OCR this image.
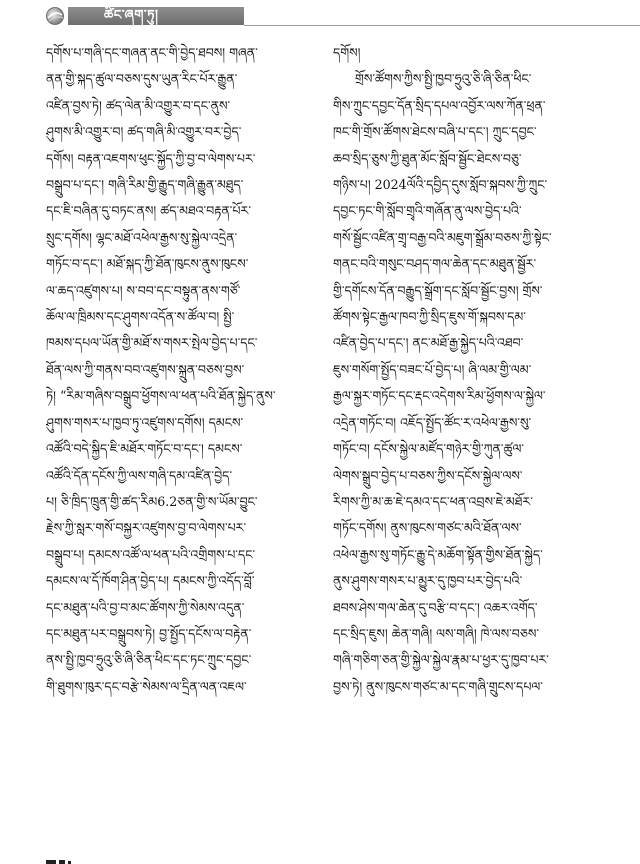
ཚིང་ཞག་ཏུ།
དགོས་པ་གཞི་དང་གཞན་ནང་གི་བྱེད་ཐབས། གཞན་
ནན་གྱི་སྐད་ཚུལ་བཅས་དུས་ཡུན་རིང་པོར་རྒྱུན་
འཛིན་བྱས་ཏེ། ཚད་ལེན་མི་འགྱུར་བ་དང་ནུས་
ཤུགས་མི་འགྱུར་བ། ཚད་གཞི་མི་འགྱུར་བར་བྱེད་
དགོས། བརྟན་འཇགས་ཕུང་སྐྱོད་ཀྱི་བྱ་བ་ལེགས་པར་
བསྒྲུབ་པ་དང་། གཞི་རིམ་གྱི་རྒྱུད་གཞི་རྒྱུན་མཐུད་
དང་ཇི་བཞིན་དུ་བཏང་ནས། ཚད་མཐའ་བརྟན་པོར་
སྲུང་དགོས། ལྷང་མཐོ་འཕེལ་རྒྱས་སུ་སྐྱེལ་འདྲེན་
གཏོང་བ་དང་། མཐོ་སྐད་ཀྱི་ཐོན་ཁུངས་ནུས་ཁུངས་
ལ་ཆད་འཛུགས་པ། ས་བབ་དང་བསྟུན་ནས་གཙོ་
ཆོལ་ལ་ཁྲིམས་དང་ཤུགས་འདོན་ས་ཚོལ་བ། སྤྱི་
ཁམས་དཔལ་ཡོན་གྱི་མཐོ་ས་གསར་སྤེལ་བྱེད་པ་དང་
ཐོན་ལས་ཀྱི་གནས་བབ་འཛུགས་སྐྲུན་བཅས་བྱས་
ཏེ། “རིམ་གཞིས་བསྒྲུབ་ཕྱོགས་ལ་ཕན་པའི་ཐོན་སྐྱེད་ནུས་
ཤུགས་གསར་པ་ཁྱབ་ཏུ་འཛུགས་དགོས། དམངས་
འཚོའི་བདེ་སྐྱིད་ཇི་མཐོར་གཏོང་བ་དང་། དམངས་
འཚོའི་དོན་དངོས་ཀྱི་ལས་གཞི་དམ་འཛིན་བྱེད་
པ། ཅི་ཁྲིད་ཁྲུན་གྱི་ཚད་རིམ6.2ཅན་གྱི་ས་ཡོམ་བྱུང་
རྗེས་ཀྱི་སླར་གསོ་བསྐྱར་འཛུགས་བྱ་བ་ལེགས་པར་
བསྒྲུབ་པ། དམངས་འཚོ་ལ་ཕན་པའི་འགྲིགས་པ་དང་
དམངས་ལ་དོ་ཁོག་ཤིན་བྱེད་པ། དམངས་ཀྱི་འདོད་བློ་
དང་མཐུན་པའི་བྱ་བ་མང་ཚོགས་ཀྱི་སེམས་འདུན་
དང་མཐུན་པར་བསྒྲུབས་ཏེ། བྱ་སྤྱོད་དངོས་ལ་བརྟེན་
ནས་སྤྱི་ཁྱབ་ཧྲུའུ་ཅི་ཞི་ཅིན་ཕིང་དང་ཏང་ཀྲུང་དབྱང་
གི་ཐུགས་ཁུར་དང་བརྩེ་སེམས་ལ་དྲིན་ལན་འཇལ་
དགོས།
གྲོས་ཚོགས་ཀྱིས་སྤྱི་ཁྱབ་ཧྲུའུ་ཅི་ཞི་ཅིན་ཕིང་
གིས་ཀྲུང་དབྱང་དོན་སྲིད་དཔལ་འབྱོར་ལས་ཀོན་ཕྲན་
ཁང་གི་གྲོས་ཚོགས་ཐེངས་བཞི་པ་དང་། ཀྲུང་དབྱང་
ཆབ་སྲིད་ཅུས་ཀྱི་ཐུན་མོང་སློབ་སྦྱོང་ཐེངས་བཅུ་
གཉིས་པ། 2024ལོའི་དབྱིད་དུས་སློབ་སྐབས་ཀྱི་ཀྲུང་
དབྱང་ཏང་གི་སློབ་གྲྭའི་གཞོན་ནུ་ལས་བྱེད་པའི་
གསོ་སྦྱོང་འཛིན་གྲྭ་བརྒྱ་བའི་མཇུག་སྒྲོམ་བཅས་ཀྱི་སྟེང་
གནང་བའི་གསུང་བཤད་གལ་ཆེན་དང་མཐུན་སྦྱོར་
གྱི་དགོངས་དོན་བརྒྱུད་སྒྲོག་དང་སློབ་སྦྱོང་བྱས། གྲོས་
ཚོགས་སྟེང་རྒྱལ་ཁབ་ཀྱི་སྲིད་ཇུས་གོ་སྐབས་དམ་
འཛིན་བྱེད་པ་དང་། ནང་མཐོ་རྒྱ་སྐྱེད་པའི་འཐབ་
ཇུས་གསོག་སྤྱོད་བཟང་པོ་བྱེད་པ། ཞི་ལམ་གྱི་ལམ་
རྒྱལ་སྐྱར་གཏོང་དང་རྡང་འདེགས་རིམ་ཕྱོགས་ལ་སྐྱེལ་
འདྲེན་གཏོང་བ། འཇོད་སྤྱོད་ཚོང་ར་འཕེལ་རྒྱས་སུ་
གཏོང་བ། དངོས་སྐྱེལ་མཛོད་གཉེར་གྱི་ཀུན་ཚུལ་
ལེགས་སྒྲུབ་བྱེད་པ་བཅས་ཀྱིས་དངོས་སྐྱེལ་ལས་
རིགས་ཀྱི་མ་ཆ་ཇེ་དམའ་དང་ཕན་འབྲས་ཇེ་མཐོར་
གཏོང་དགོས། ནུས་ཁུངས་གཙང་མའི་ཐོན་ལས་
འཕེལ་རྒྱས་སུ་གཏོང་རྒྱུ་དེ་མཆོག་སྟོན་གྱིས་ཐོན་སྐྱེད་
ནུས་ཤུགས་གསར་པ་མྱུར་དུ་ཁྱབ་པར་བྱེད་པའི་
ཐབས་ཤེས་གལ་ཆེན་དུ་བརྩི་བ་དང་། འཆར་འགོད་
དང་སྲིད་ཇུས། ཆེན་གཞི། ལས་གཞི། ཁེ་ལས་བཅས་
གཞི་གཅིག་ཅན་གྱི་སྐྱེལ་སྐྱེལ་རྣམ་པ་ཕྱར་དུ་ཁྱབ་པར་
བྱས་ཏེ། ནུས་ཁུངས་གཙང་མ་དང་གཞི་གྲུངས་དཔལ་
